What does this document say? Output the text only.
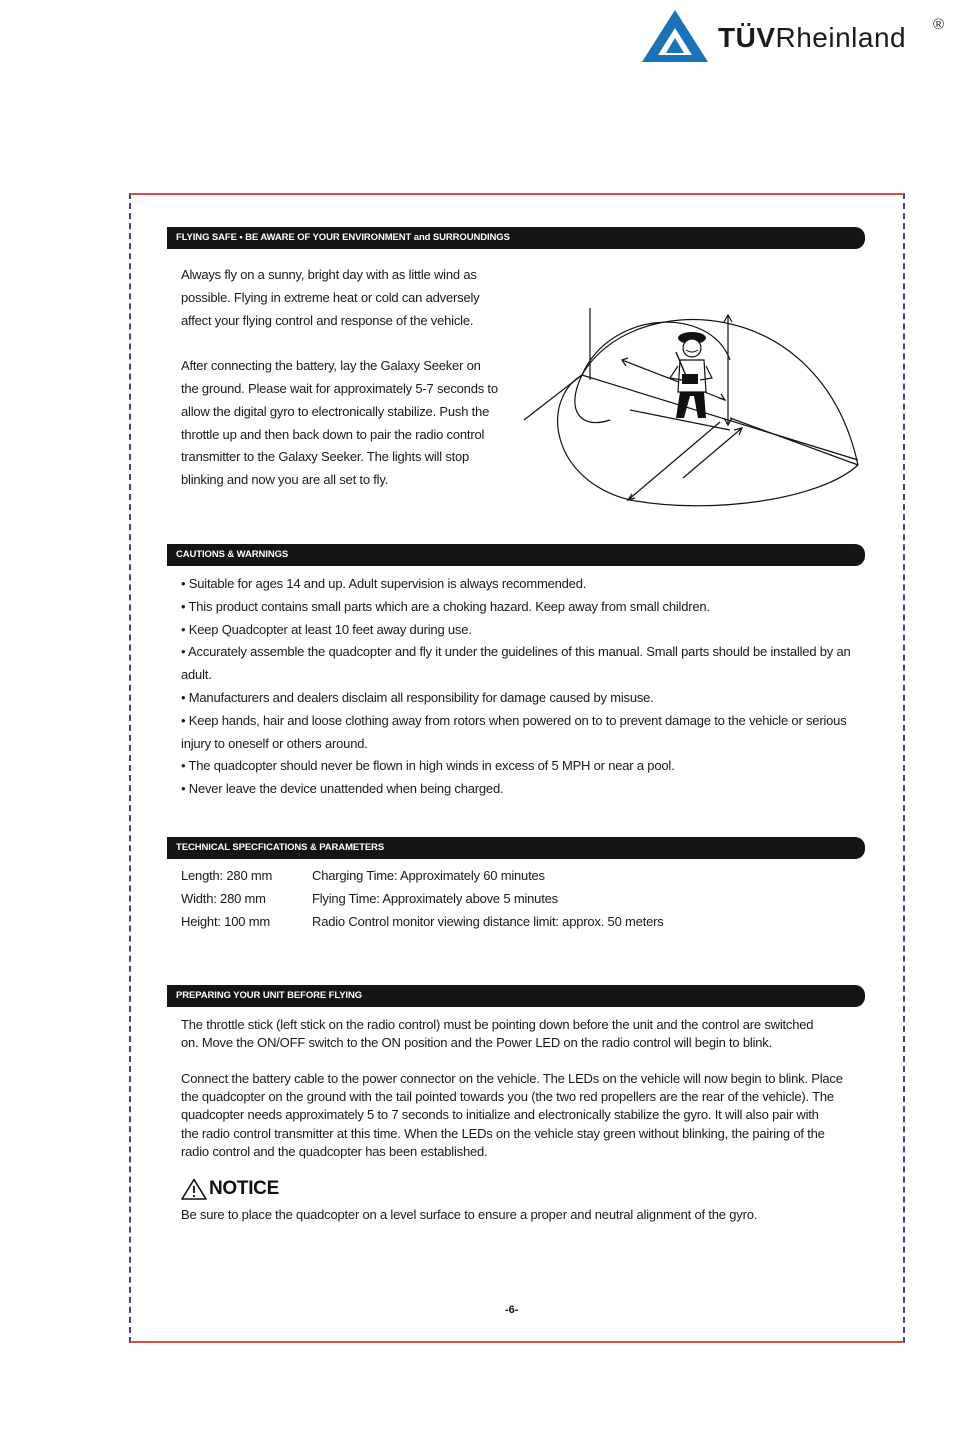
TÜVRheinland ®
FLYING SAFE • BE AWARE OF YOUR ENVIRONMENT and SURROUNDINGS
Always fly on a sunny, bright day with as little wind as
possible. Flying in extreme heat or cold can adversely
affect your flying control and response of the vehicle.
After connecting the battery, lay the Galaxy Seeker on
the ground. Please wait for approximately 5-7 seconds to
allow the digital gyro to electronically stabilize. Push the
throttle up and then back down to pair the radio control
transmitter to the Galaxy Seeker. The lights will stop
blinking and now you are all set to fly.
CAUTIONS & WARNINGS
• Suitable for ages 14 and up. Adult supervision is always recommended.
• This product contains small parts which are a choking hazard. Keep away from small children.
• Keep Quadcopter at least 10 feet away during use.
• Accurately assemble the quadcopter and fly it under the guidelines of this manual. Small parts should be installed by an
adult.
• Manufacturers and dealers disclaim all responsibility for damage caused by misuse.
• Keep hands, hair and loose clothing away from rotors when powered on to to prevent damage to the vehicle or serious
injury to oneself or others around.
• The quadcopter should never be flown in high winds in excess of 5 MPH or near a pool.
• Never leave the device unattended when being charged.
TECHNICAL SPECFICATIONS & PARAMETERS
Length: 280 mm
Width: 280 mm
Height: 100 mm
Charging Time: Approximately 60 minutes
Flying Time: Approximately above 5 minutes
Radio Control monitor viewing distance limit: approx. 50 meters
PREPARING YOUR UNIT BEFORE FLYING
The throttle stick (left stick on the radio control) must be pointing down before the unit and the control are switched
on. Move the ON/OFF switch to the ON position and the Power LED on the radio control will begin to blink.
Connect the battery cable to the power connector on the vehicle. The LEDs on the vehicle will now begin to blink. Place
the quadcopter on the ground with the tail pointed towards you (the two red propellers are the rear of the vehicle). The
quadcopter needs approximately 5 to 7 seconds to initialize and electronically stabilize the gyro. It will also pair with
the radio control transmitter at this time. When the LEDs on the vehicle stay green without blinking, the pairing of the
radio control and the quadcopter has been established.
NOTICE
Be sure to place the quadcopter on a level surface to ensure a proper and neutral alignment of the gyro.
-6-
